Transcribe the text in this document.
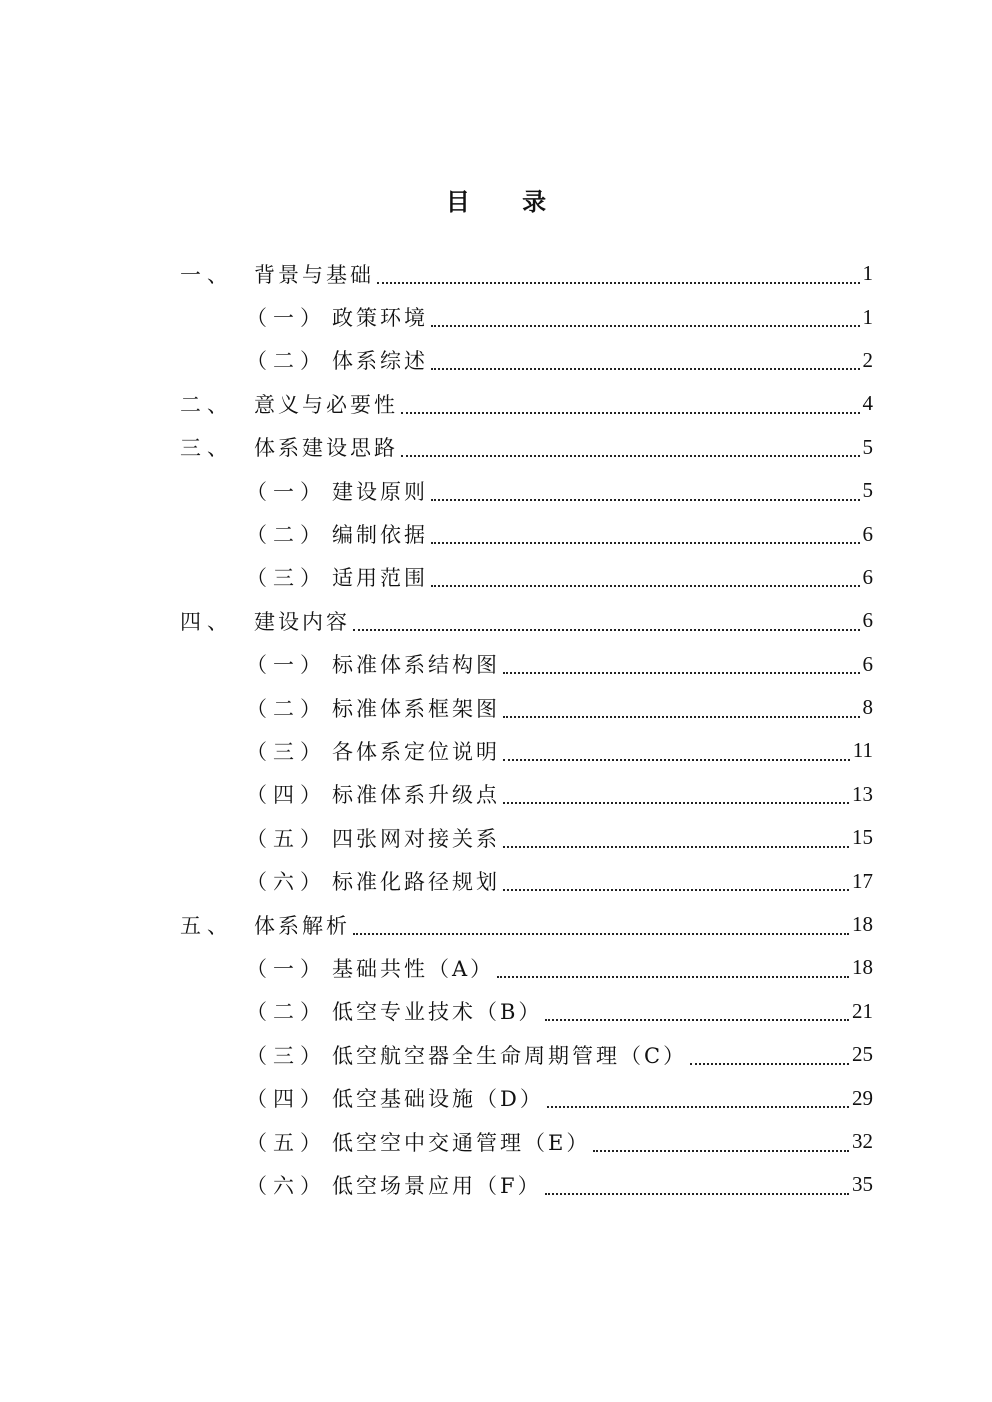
目 录
一、 背景与基础	1
（一） 政策环境	1
（二） 体系综述	2
二、 意义与必要性	4
三、 体系建设思路	5
（一） 建设原则	5
（二） 编制依据	6
（三） 适用范围	6
四、 建设内容	6
（一） 标准体系结构图	6
（二） 标准体系框架图	8
（三） 各体系定位说明	11
（四） 标准体系升级点	13
（五） 四张网对接关系	15
（六） 标准化路径规划	17
五、 体系解析	18
（一） 基础共性（A）	18
（二） 低空专业技术（B）	21
（三） 低空航空器全生命周期管理（C）	25
（四） 低空基础设施（D）	29
（五） 低空空中交通管理（E）	32
（六） 低空场景应用（F）	35
